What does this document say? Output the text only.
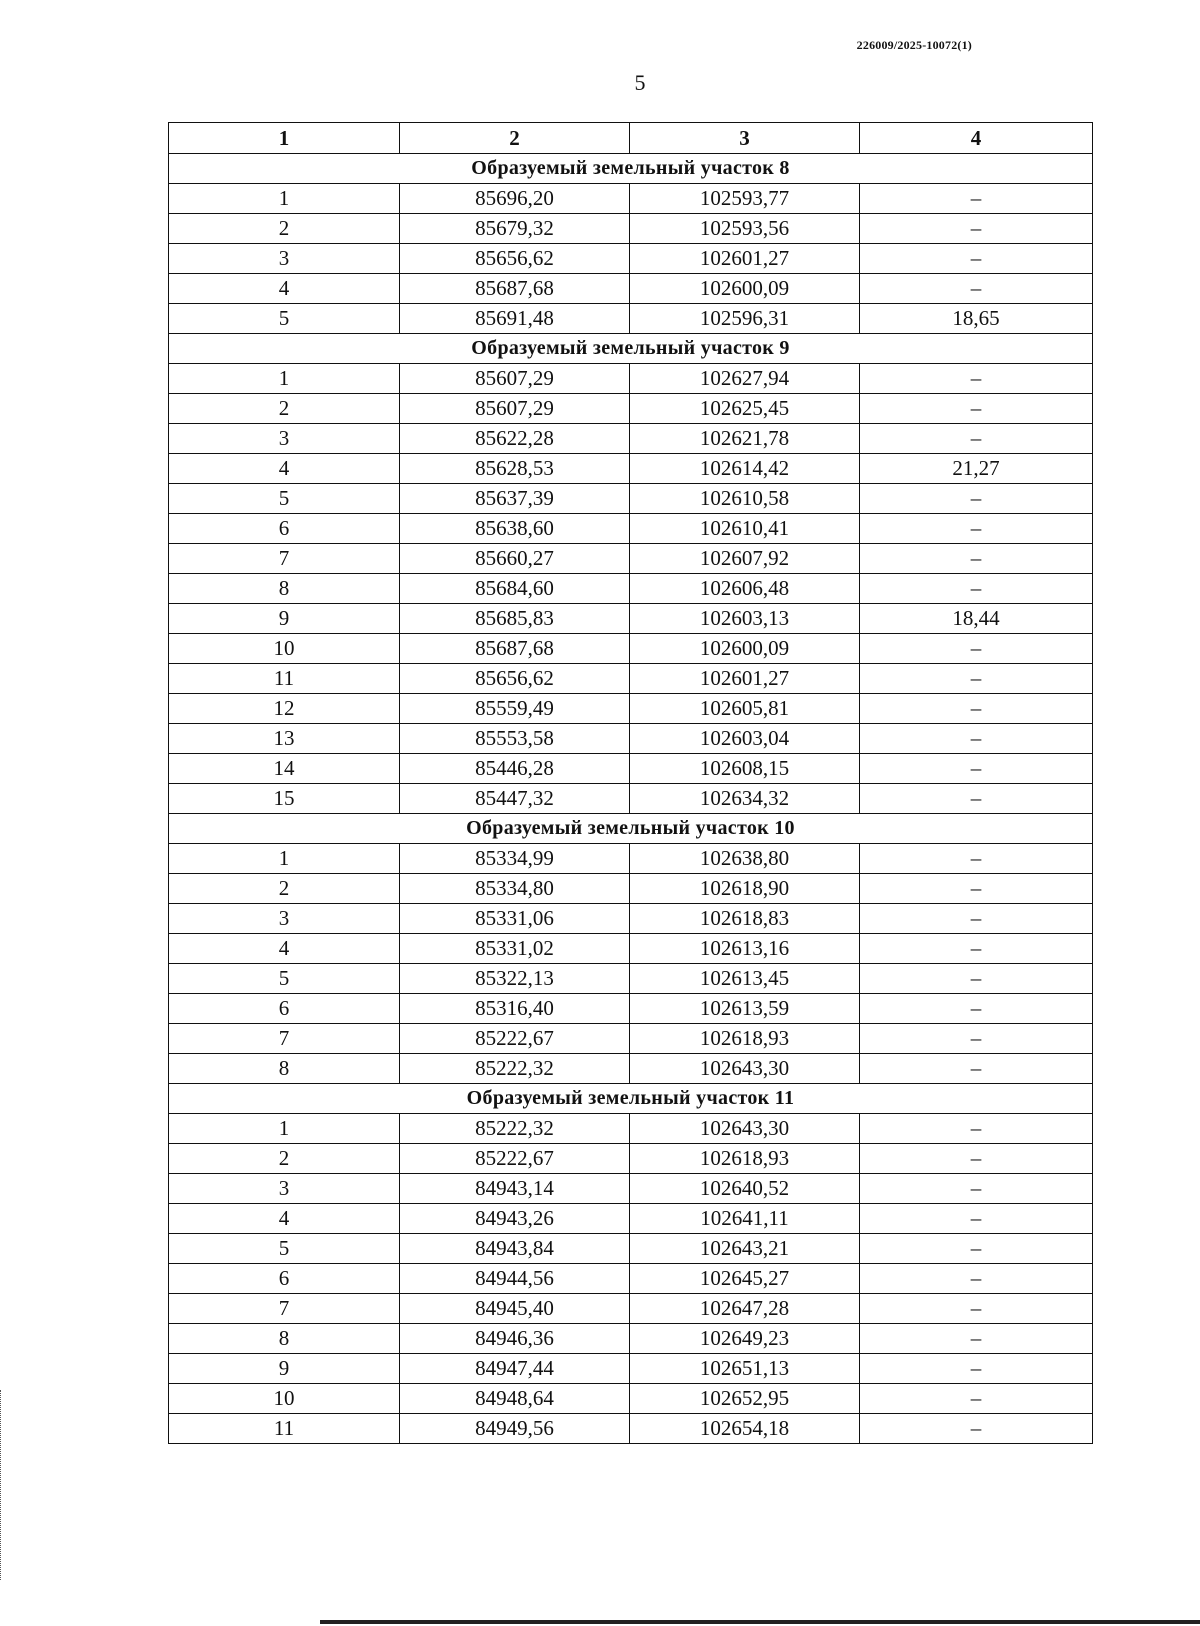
226009/2025-10072(1)
5
1	2	3	4
Образуемый земельный участок 8			
1	85696,20	102593,77	–
2	85679,32	102593,56	–
3	85656,62	102601,27	–
4	85687,68	102600,09	–
5	85691,48	102596,31	18,65
Образуемый земельный участок 9			
1	85607,29	102627,94	–
2	85607,29	102625,45	–
3	85622,28	102621,78	–
4	85628,53	102614,42	21,27
5	85637,39	102610,58	–
6	85638,60	102610,41	–
7	85660,27	102607,92	–
8	85684,60	102606,48	–
9	85685,83	102603,13	18,44
10	85687,68	102600,09	–
11	85656,62	102601,27	–
12	85559,49	102605,81	–
13	85553,58	102603,04	–
14	85446,28	102608,15	–
15	85447,32	102634,32	–
Образуемый земельный участок 10			
1	85334,99	102638,80	–
2	85334,80	102618,90	–
3	85331,06	102618,83	–
4	85331,02	102613,16	–
5	85322,13	102613,45	–
6	85316,40	102613,59	–
7	85222,67	102618,93	–
8	85222,32	102643,30	–
Образуемый земельный участок 11			
1	85222,32	102643,30	–
2	85222,67	102618,93	–
3	84943,14	102640,52	–
4	84943,26	102641,11	–
5	84943,84	102643,21	–
6	84944,56	102645,27	–
7	84945,40	102647,28	–
8	84946,36	102649,23	–
9	84947,44	102651,13	–
10	84948,64	102652,95	–
11	84949,56	102654,18	–
